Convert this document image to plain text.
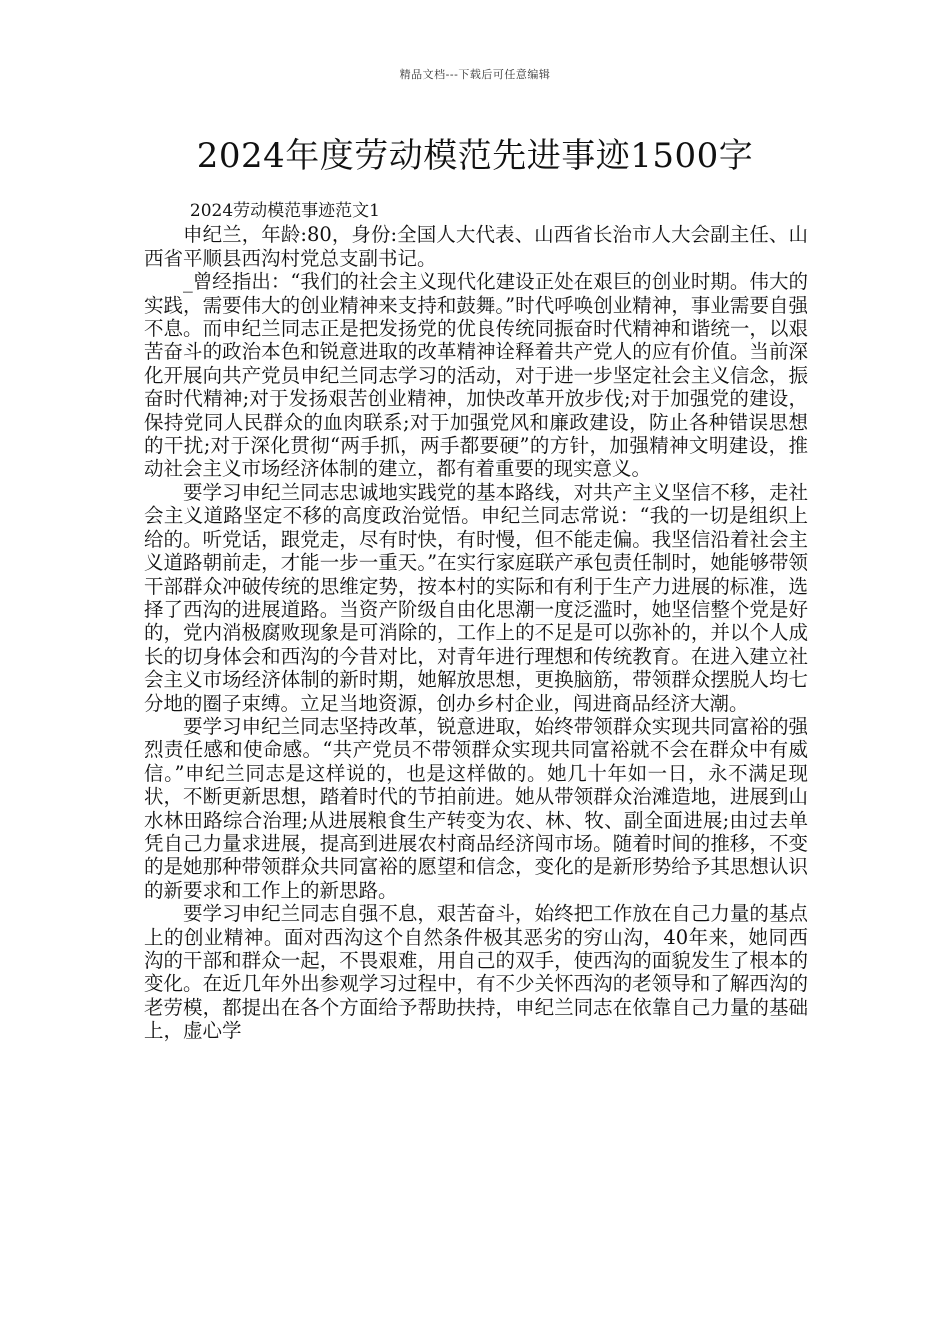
精品文档---下载后可任意编辑
2024年度劳动模范先进事迹1500字

2024劳动模范事迹范文1

申纪兰，年龄:80，身份:全国人大代表、山西省长治市人大会副主任、山西省平顺县西沟村党总支副书记。

_曾经指出：“我们的社会主义现代化建设正处在艰巨的创业时期。伟大的实践，需要伟大的创业精神来支持和鼓舞。”时代呼唤创业精神，事业需要自强不息。而申纪兰同志正是把发扬党的优良传统同振奋时代精神和谐统一，以艰苦奋斗的政治本色和锐意进取的改革精神诠释着共产党人的应有价值。当前深化开展向共产党员申纪兰同志学习的活动，对于进一步坚定社会主义信念，振奋时代精神;对于发扬艰苦创业精神，加快改革开放步伐;对于加强党的建设，保持党同人民群众的血肉联系;对于加强党风和廉政建设，防止各种错误思想的干扰;对于深化贯彻“两手抓，两手都要硬”的方针，加强精神文明建设，推动社会主义市场经济体制的建立，都有着重要的现实意义。

要学习申纪兰同志忠诚地实践党的基本路线，对共产主义坚信不移，走社会主义道路坚定不移的高度政治觉悟。申纪兰同志常说：“我的一切是组织上给的。听党话，跟党走，尽有时快，有时慢，但不能走偏。我坚信沿着社会主义道路朝前走，才能一步一重天。”在实行家庭联产承包责任制时，她能够带领干部群众冲破传统的思维定势，按本村的实际和有利于生产力进展的标准，选择了西沟的进展道路。当资产阶级自由化思潮一度泛滥时，她坚信整个党是好的，党内消极腐败现象是可消除的，工作上的不足是可以弥补的，并以个人成长的切身体会和西沟的今昔对比，对青年进行理想和传统教育。在进入建立社会主义市场经济体制的新时期，她解放思想，更换脑筋，带领群众摆脱人均七分地的圈子束缚。立足当地资源，创办乡村企业，闯进商品经济大潮。

要学习申纪兰同志坚持改革，锐意进取，始终带领群众实现共同富裕的强烈责任感和使命感。“共产党员不带领群众实现共同富裕就不会在群众中有威信。”申纪兰同志是这样说的，也是这样做的。她几十年如一日，永不满足现状，不断更新思想，踏着时代的节拍前进。她从带领群众治滩造地，进展到山水林田路综合治理;从进展粮食生产转变为农、林、牧、副全面进展;由过去单凭自己力量求进展，提高到进展农村商品经济闯市场。随着时间的推移，不变的是她那种带领群众共同富裕的愿望和信念，变化的是新形势给予其思想认识的新要求和工作上的新思路。

要学习申纪兰同志自强不息，艰苦奋斗，始终把工作放在自己力量的基点上的创业精神。面对西沟这个自然条件极其恶劣的穷山沟，40年来，她同西沟的干部和群众一起，不畏艰难，用自己的双手，使西沟的面貌发生了根本的变化。在近几年外出参观学习过程中，有不少关怀西沟的老领导和了解西沟的老劳模，都提出在各个方面给予帮助扶持，申纪兰同志在依靠自己力量的基础上，虚心学
